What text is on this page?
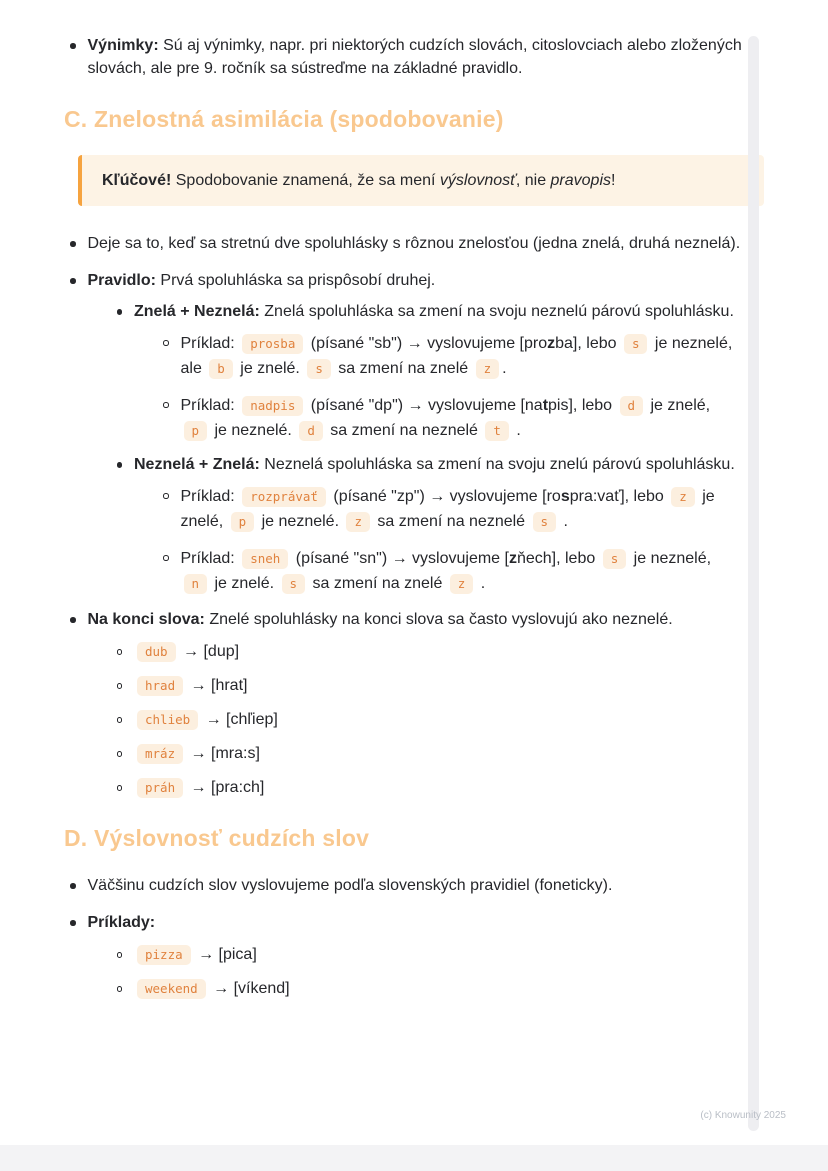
Výnimky: Sú aj výnimky, napr. pri niektorých cudzích slovách, citoslovciach alebo zložených slovách, ale pre 9. ročník sa sústreďme na základné pravidlo.
C. Znelostná asimilácia (spodobovanie)
Kľúčové! Spodobovanie znamená, že sa mení výslovnosť, nie pravopis!
Deje sa to, keď sa stretnú dve spoluhlásky s rôznou znelosťou (jedna znelá, druhá neznelá).
Pravidlo: Prvá spoluhláska sa prispôsobí druhej.
Znelá + Neznelá: Znelá spoluhláska sa zmení na svoju neznelú párovú spoluhlásku.
Príklad: prosba (písané "sb") → vyslovujeme [prozba], lebo s je neznelé, ale b je znelé. s sa zmení na znelé z .
Príklad: nadpis (písané "dp") → vyslovujeme [natpis], lebo d je znelé, p je neznelé. d sa zmení na neznelé t .
Neznelá + Znelá: Neznelá spoluhláska sa zmení na svoju znelú párovú spoluhlásku.
Príklad: rozprávať (písané "zp") → vyslovujeme [rospra:vať], lebo z je znelé, p je neznelé. z sa zmení na neznelé s .
Príklad: sneh (písané "sn") → vyslovujeme [zňech], lebo s je neznelé, n je znelé. s sa zmení na znelé z .
Na konci slova: Znelé spoluhlásky na konci slova sa často vyslovujú ako neznelé.
dub → [dup]
hrad → [hrat]
chlieb → [chľiep]
mráz → [mra:s]
práh → [pra:ch]
D. Výslovnosť cudzích slov
Väčšinu cudzích slov vyslovujeme podľa slovenských pravidiel (foneticky).
Príklady:
pizza → [pica]
weekend → [víkend]
(c) Knowunity 2025
